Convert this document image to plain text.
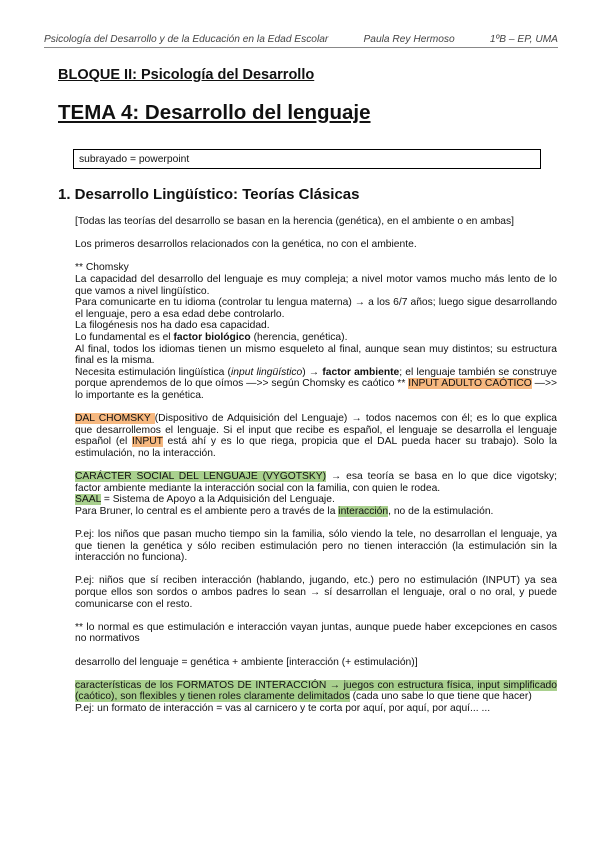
Psicología del Desarrollo y de la Educación en la Edad Escolar	Paula Rey Hermoso	1ºB – EP, UMA
BLOQUE II: Psicología del Desarrollo
TEMA 4: Desarrollo del lenguaje
subrayado = powerpoint
1. Desarrollo Lingüístico: Teorías Clásicas

[Todas las teorías del desarrollo se basan en la herencia (genética), en el ambiente o en ambas]

Los primeros desarrollos relacionados con la genética, no con el ambiente.

** Chomsky

La capacidad del desarrollo del lenguaje es muy compleja; a nivel motor vamos mucho más lento de lo que vamos a nivel lingüístico.

Para comunicarte en tu idioma (controlar tu lengua materna) → a los 6/7 años; luego sigue desarrollando el lenguaje, pero a esa edad debe controlarlo.

La filogénesis nos ha dado esa capacidad.

Lo fundamental es el factor biológico (herencia, genética).

Al final, todos los idiomas tienen un mismo esqueleto al final, aunque sean muy distintos; su estructura final es la misma.

Necesita estimulación lingüística (input lingüístico) → factor ambiente; el lenguaje también se construye porque aprendemos de lo que oímos —>> según Chomsky es caótico ** INPUT ADULTO CAÓTICO —>> lo importante es la genética.

DAL CHOMSKY (Dispositivo de Adquisición del Lenguaje) → todos nacemos con él; es lo que explica que desarrollemos el lenguaje. Si el input que recibe es español, el lenguaje se desarrolla el lenguaje español (el INPUT está ahí y es lo que riega, propicia que el DAL pueda hacer su trabajo). Solo la estimulación, no la interacción.

CARÁCTER SOCIAL DEL LENGUAJE (VYGOTSKY) → esa teoría se basa en lo que dice vigotsky; factor ambiente mediante la interacción social con la familia, con quien le rodea.

SAAL = Sistema de Apoyo a la Adquisición del Lenguaje.

Para Bruner, lo central es el ambiente pero a través de la interacción, no de la estimulación.

P.ej: los niños que pasan mucho tiempo sin la familia, sólo viendo la tele, no desarrollan el lenguaje, ya que tienen la genética y sólo reciben estimulación pero no tienen interacción (la estimulación sin la interacción no funciona).

P.ej: niños que sí reciben interacción (hablando, jugando, etc.) pero no estimulación (INPUT) ya sea porque ellos son sordos o ambos padres lo sean → sí desarrollan el lenguaje, oral o no oral, y puede comunicarse con el resto.

** lo normal es que estimulación e interacción vayan juntas, aunque puede haber excepciones en casos no normativos

desarrollo del lenguaje = genética + ambiente [interacción (+ estimulación)]

características de los FORMATOS DE INTERACCIÓN → juegos con estructura física, input simplificado (caótico), son flexibles y tienen roles claramente delimitados (cada uno sabe lo que tiene que hacer)

P.ej: un formato de interacción = vas al carnicero y te corta por aquí, por aquí, por aquí... ...
